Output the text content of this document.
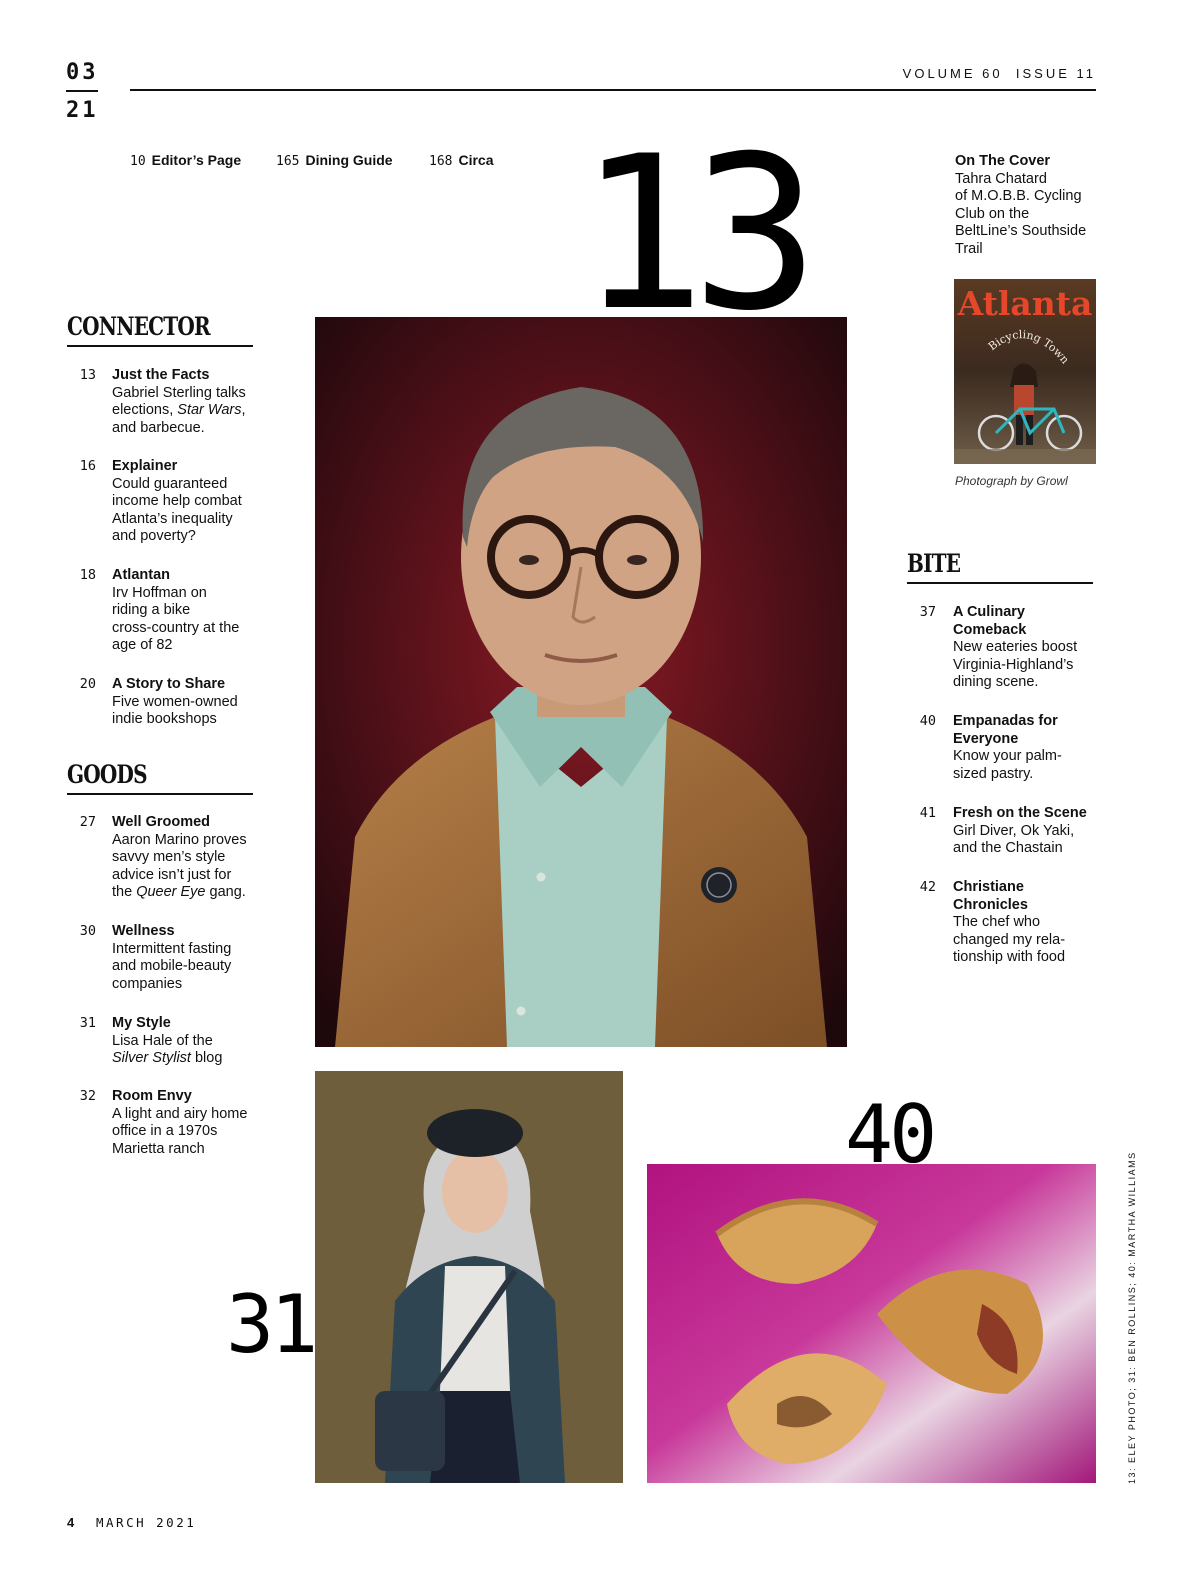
03
21
VOLUME 60 ISSUE 11
10 Editor’s Page	165 Dining Guide	168 Circa 13	On The Cover
Tahra Chatard
of M.O.B.B. Cycling
Club on the
BeltLine’s Southside
Trail
Atlanta
Bicycling Town
Photograph by Growl
CONNECTOR
13 Just the Facts
Gabriel Sterling talks
elections, Star Wars,
and barbecue.
16 Explainer
Could guaranteed
income help combat
Atlanta’s inequality
and poverty?
18 Atlantan
Irv Hoffman on
riding a bike
cross-country at the
age of 82
20 A Story to Share
Five women-owned
indie bookshops
GOODS
27 Well Groomed
Aaron Marino proves
savvy men’s style
advice isn’t just for
the Queer Eye gang.
30 Wellness
Intermittent fasting
and mobile-beauty
companies
31 My Style
Lisa Hale of the
Silver Stylist blog
32 Room Envy
A light and airy home
office in a 1970s
Marietta ranch
BITE
37 A Culinary
Comeback
New eateries boost
Virginia-Highland’s
dining scene.
40 Empanadas for
Everyone
Know your palm-
sized pastry.
41 Fresh on the Scene
Girl Diver, Ok Yaki,
and the Chastain
42 Christiane
Chronicles
The chef who
changed my rela-
tionship with food
31
40
13: ELEY PHOTO; 31: BEN ROLLINS; 40: MARTHA WILLIAMS
4 MARCH 2021
